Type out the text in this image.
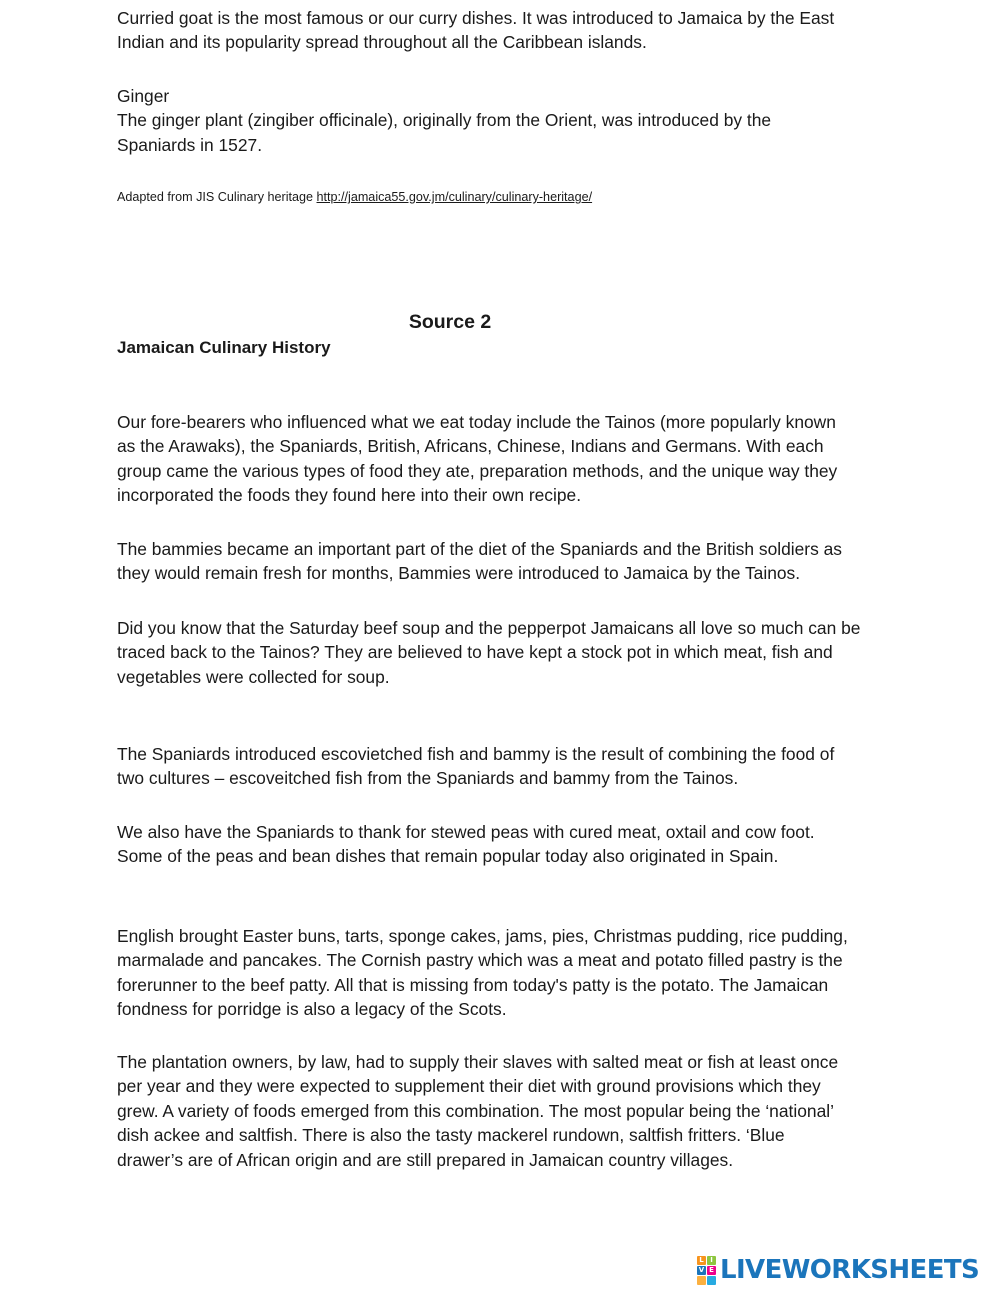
Curried goat is the most famous or our curry dishes. It was introduced to Jamaica by the East
Indian and its popularity spread throughout all the Caribbean islands.

Ginger
The ginger plant (zingiber officinale), originally from the Orient, was introduced by the
Spaniards in 1527.

Adapted from JIS Culinary heritage http://jamaica55.gov.jm/culinary/culinary-heritage/
Source 2
Jamaican Culinary History

Our fore-bearers who influenced what we eat today include the Tainos (more popularly known
as the Arawaks), the Spaniards, British, Africans, Chinese, Indians and Germans. With each
group came the various types of food they ate, preparation methods, and the unique way they
incorporated the foods they found here into their own recipe.

The bammies became an important part of the diet of the Spaniards and the British soldiers as
they would remain fresh for months, Bammies were introduced to Jamaica by the Tainos.

Did you know that the Saturday beef soup and the pepperpot Jamaicans all love so much can be
traced back to the Tainos? They are believed to have kept a stock pot in which meat, fish and
vegetables were collected for soup.

The Spaniards introduced escovietched fish and bammy is the result of combining the food of
two cultures – escoveitched fish from the Spaniards and bammy from the Tainos.

We also have the Spaniards to thank for stewed peas with cured meat, oxtail and cow foot.
Some of the peas and bean dishes that remain popular today also originated in Spain.

English brought Easter buns, tarts, sponge cakes, jams, pies, Christmas pudding, rice pudding,
marmalade and pancakes. The Cornish pastry which was a meat and potato filled pastry is the
forerunner to the beef patty. All that is missing from today's patty is the potato. The Jamaican
fondness for porridge is also a legacy of the Scots.

The plantation owners, by law, had to supply their slaves with salted meat or fish at least once
per year and they were expected to supplement their diet with ground provisions which they
grew. A variety of foods emerged from this combination. The most popular being the ‘national’
dish ackee and saltfish. There is also the tasty mackerel rundown, saltfish fritters. ‘Blue
drawer’s are of African origin and are still prepared in Jamaican country villages.

L I
V E LIVEWORKSHEETS
